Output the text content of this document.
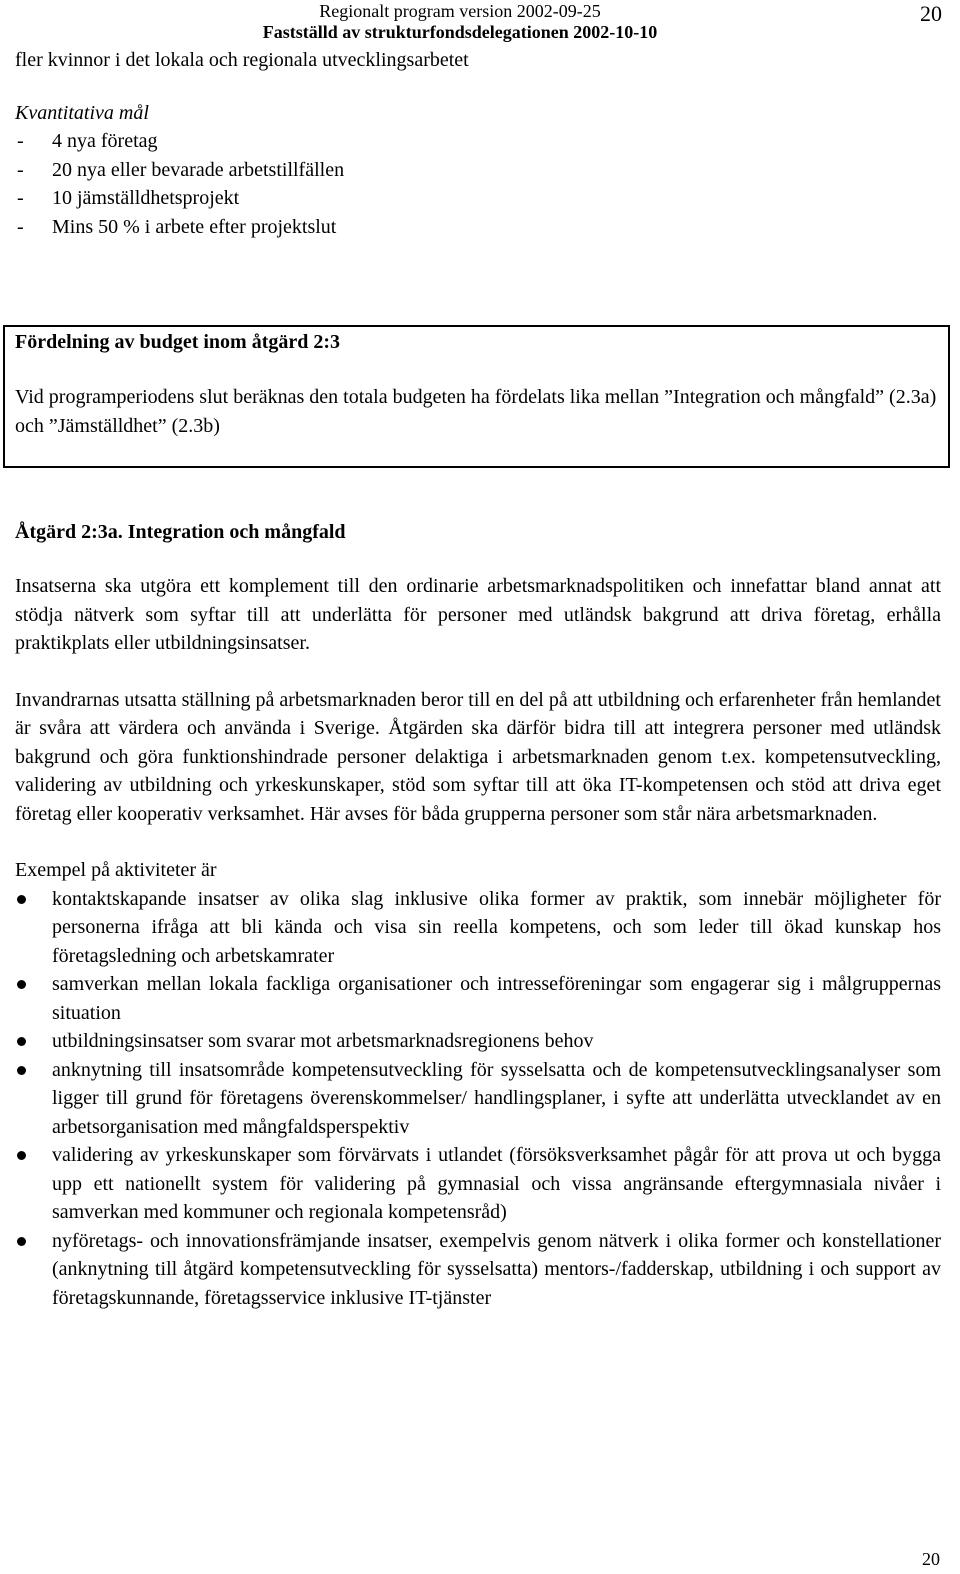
Regionalt program version 2002-09-25
Fastställd av strukturfondsdelegationen 2002-10-10
20

fler kvinnor i det lokala och regionala utvecklingsarbetet

Kvantitativa mål

- 4 nya företag
- 20 nya eller bevarade arbetstillfällen
- 10 jämställdhetsprojekt
- Mins 50 % i arbete efter projektslut

Fördelning av budget inom åtgärd 2:3

Vid programperiodens slut beräknas den totala budgeten ha fördelats lika mellan ”Integration och mångfald” (2.3a) och ”Jämställdhet” (2.3b)

Åtgärd 2:3a. Integration och mångfald

Insatserna ska utgöra ett komplement till den ordinarie arbetsmarknadspolitiken och innefattar bland annat att stödja nätverk som syftar till att underlätta för personer med utländsk bakgrund att driva företag, erhålla praktikplats eller utbildningsinsatser.

Invandrarnas utsatta ställning på arbetsmarknaden beror till en del på att utbildning och erfarenheter från hemlandet är svåra att värdera och använda i Sverige. Åtgärden ska därför bidra till att integrera personer med utländsk bakgrund och göra funktionshindrade personer delaktiga i arbetsmarknaden genom t.ex. kompetensutveckling, validering av utbildning och yrkeskunskaper, stöd som syftar till att öka IT-kompetensen och stöd att driva eget företag eller kooperativ verksamhet. Här avses för båda grupperna personer som står nära arbetsmarknaden.

Exempel på aktiviteter är

kontaktskapande insatser av olika slag inklusive olika former av praktik, som innebär möjligheter för personerna ifråga att bli kända och visa sin reella kompetens, och som leder till ökad kunskap hos företagsledning och arbetskamrater
samverkan mellan lokala fackliga organisationer och intresseföreningar som engagerar sig i målgruppernas situation
utbildningsinsatser som svarar mot arbetsmarknadsregionens behov
anknytning till insatsområde kompetensutveckling för sysselsatta och de kompetensutvecklingsanalyser som ligger till grund för företagens överenskommelser/ handlingsplaner, i syfte att underlätta utvecklandet av en arbetsorganisation med mångfaldsperspektiv
validering av yrkeskunskaper som förvärvats i utlandet (försöksverksamhet pågår för att prova ut och bygga upp ett nationellt system för validering på gymnasial och vissa angränsande eftergymnasiala nivåer i samverkan med kommuner och regionala kompetensråd)
nyföretags- och innovationsfrämjande insatser, exempelvis genom nätverk i olika former och konstellationer (anknytning till åtgärd kompetensutveckling för sysselsatta) mentors-/fadderskap, utbildning i och support av företagskunnande, företagsservice inklusive IT-tjänster
20
